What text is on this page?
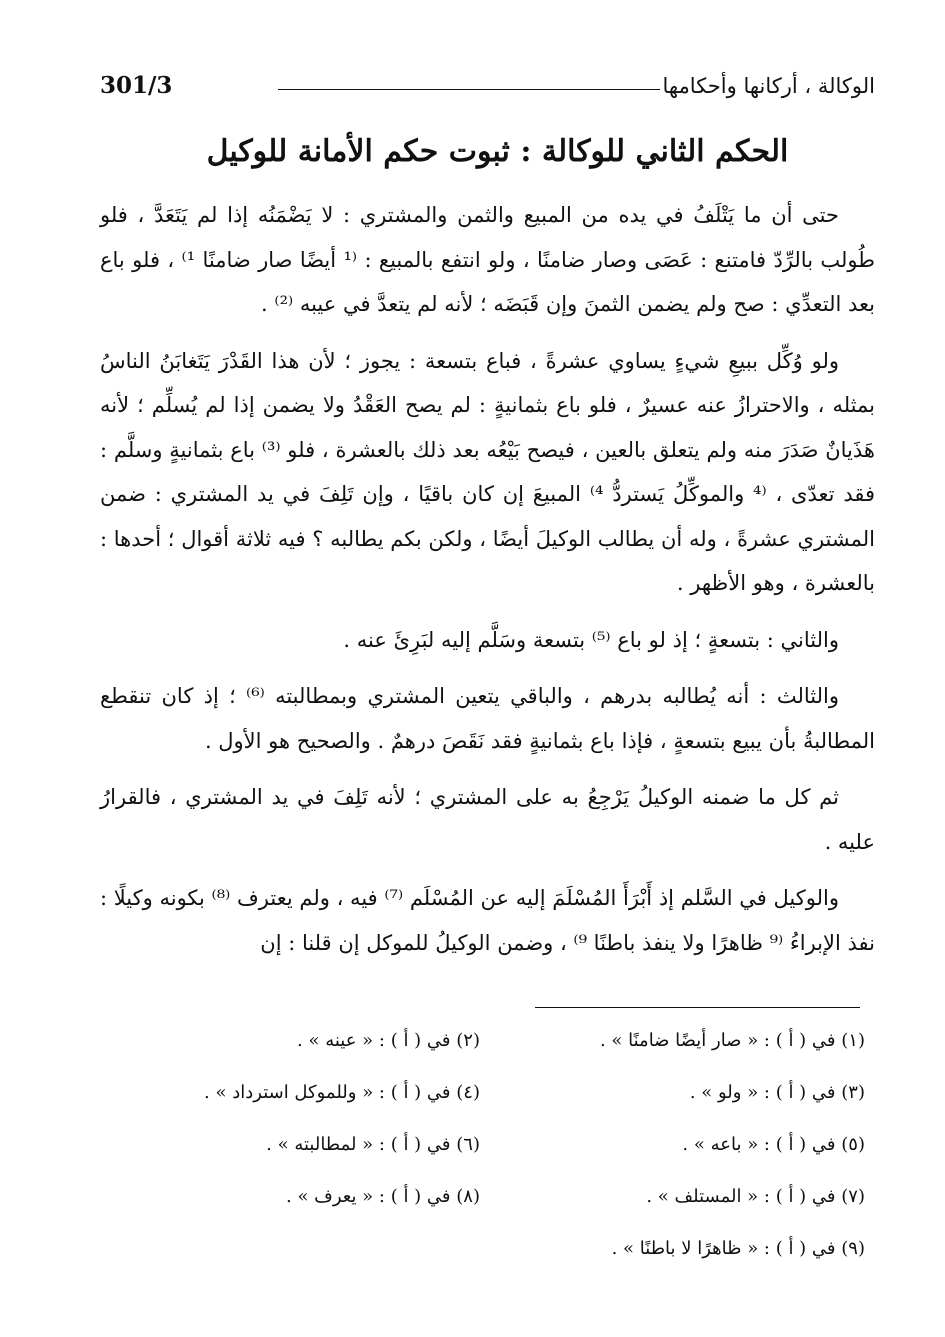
الوكالة ، أركانها وأحكامها
301/3
الحكم الثاني للوكالة : ثبوت حكم الأمانة للوكيل

حتى أن ما يَتْلَفُ في يده من المبيع والثمن والمشتري : لا يَضْمَنُه إذا لم يَتَعَدَّ ، فلو طُولب بالرِّدّ فامتنع : عَصَى وصار ضامنًا ، ولو انتفع بالمبيع : ⁽¹ أيضًا صار ضامنًا ¹⁾ ، فلو باع بعد التعدِّي : صح ولم يضمن الثمنَ وإن قَبَضَه ؛ لأنه لم يتعدَّ في عيبه ⁽²⁾ .

ولو وُكِّل ببيعِ شيءٍ يساوي عشرةً ، فباع بتسعة : يجوز ؛ لأن هذا القَدْرَ يَتَغابَنُ الناسُ بمثله ، والاحترازُ عنه عسيرٌ ، فلو باع بثمانيةٍ : لم يصح العَقْدُ ولا يضمن إذا لم يُسلِّم ؛ لأنه هَذَيانٌ صَدَرَ منه ولم يتعلق بالعين ، فيصح بَيْعُه بعد ذلك بالعشرة ، فلو ⁽³⁾ باع بثمانيةٍ وسلَّم : فقد تعدّى ، ⁽⁴ والموكِّلُ يَستردُّ ⁴⁾ المبيعَ إن كان باقيًا ، وإن تَلِفَ في يد المشتري : ضمن المشتري عشرةً ، وله أن يطالب الوكيلَ أيضًا ، ولكن بكم يطالبه ؟ فيه ثلاثة أقوال ؛ أحدها : بالعشرة ، وهو الأظهر .

والثاني : بتسعةٍ ؛ إذ لو باع ⁽⁵⁾ بتسعة وسَلَّم إليه لبَرِئَ عنه .

والثالث : أنه يُطالبه بدرهم ، والباقي يتعين المشتري وبمطالبته ⁽⁶⁾ ؛ إذ كان تنقطع المطالبةُ بأن يبيع بتسعةٍ ، فإذا باع بثمانيةٍ فقد نَقَصَ درهمٌ . والصحيح هو الأول .

ثم كل ما ضمنه الوكيلُ يَرْجِعُ به على المشتري ؛ لأنه تَلِفَ في يد المشتري ، فالقرارُ عليه .

والوكيل في السَّلم إذ أَبْرَأَ المُسْلَمَ إليه عن المُسْلَم ⁽⁷⁾ فيه ، ولم يعترف ⁽⁸⁾ بكونه وكيلًا : نفذ الإبراءُ ⁽⁹ ظاهرًا ولا ينفذ باطنًا ⁹⁾ ، وضمن الوكيلُ للموكل إن قلنا : إن

(١) في ( أ ) : « صار أيضًا ضامنًا » .
(٢) في ( أ ) : « عينه » .
(٣) في ( أ ) : « ولو » .
(٤) في ( أ ) : « وللموكل استرداد » .
(٥) في ( أ ) : « باعه » .
(٦) في ( أ ) : « لمطالبته » .
(٧) في ( أ ) : « المستلف » .
(٨) في ( أ ) : « يعرف » .
(٩) في ( أ ) : « ظاهرًا لا باطنًا » .
